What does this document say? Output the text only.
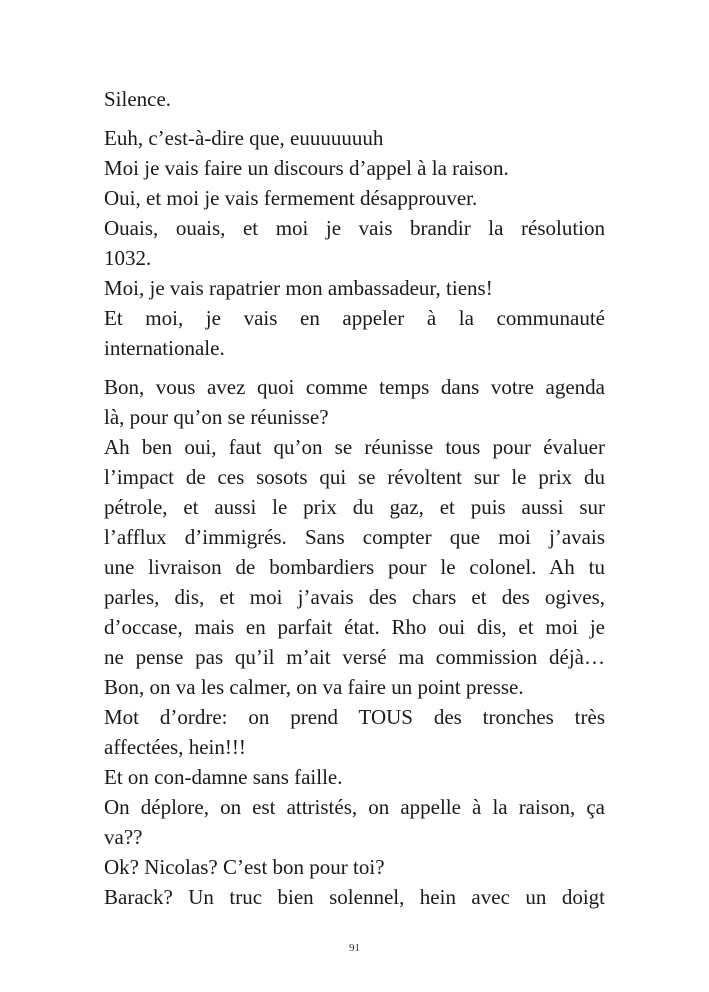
Silence.
Euh, c’est-à-dire que, euuuuuuuh
Moi je vais faire un discours d’appel à la raison.
Oui, et moi je vais fermement désapprouver.
Ouais, ouais, et moi je vais brandir la résolution
1032.
Moi, je vais rapatrier mon ambassadeur, tiens!
Et moi, je vais en appeler à la communauté
internationale.
Bon, vous avez quoi comme temps dans votre agenda
là, pour qu’on se réunisse?
Ah ben oui, faut qu’on se réunisse tous pour évaluer
l’impact de ces sosots qui se révoltent sur le prix du
pétrole, et aussi le prix du gaz, et puis aussi sur
l’afflux d’immigrés. Sans compter que moi j’avais
une livraison de bombardiers pour le colonel. Ah tu
parles, dis, et moi j’avais des chars et des ogives,
d’occase, mais en parfait état. Rho oui dis, et moi je
ne pense pas qu’il m’ait versé ma commission déjà…
Bon, on va les calmer, on va faire un point presse.
Mot d’ordre: on prend TOUS des tronches très
affectées, hein!!!
Et on con-damne sans faille.
On déplore, on est attristés, on appelle à la raison, ça
va??
Ok? Nicolas? C’est bon pour toi?
Barack? Un truc bien solennel, hein avec un doigt
91
